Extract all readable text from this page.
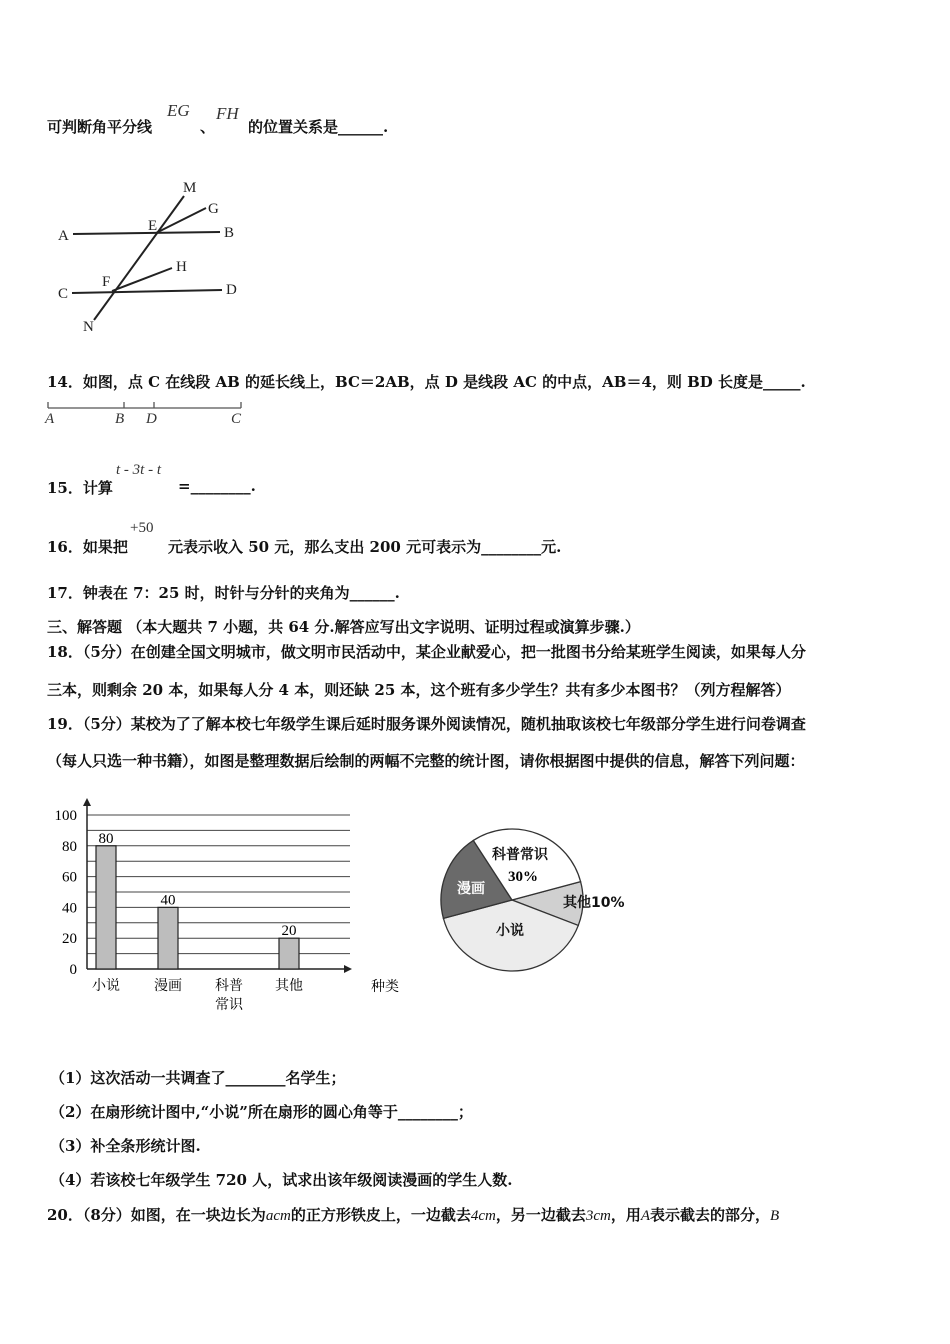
可判断角平分线
EG
、
FH
的位置关系是______.
M
G
E
A	B
H
F
C	D
N
A	B D	C
0
20
40
60
80
100
80
小说
40
漫画 科普
常识
20
其他	种类
其他10%
小说
漫画
科普常识
30%
14．如图，点 C 在线段 AB 的延长线上，BC＝2AB，点 D 是线段 AC 的中点，AB＝4，则 BD 长度是_____.
15．计算
t - 3t - t
=________.
16．如果把
+50
元表示收入 50 元，那么支出 200 元可表示为________元.
17．钟表在 7：25 时，时针与分针的夹角为______.
三、解答题 （本大题共 7 小题，共 64 分.解答应写出文字说明、证明过程或演算步骤.）
18．（5分）在创建全国文明城市，做文明市民活动中，某企业献爱心，把一批图书分给某班学生阅读，如果每人分
三本，则剩余 20 本，如果每人分 4 本，则还缺 25 本，这个班有多少学生？共有多少本图书？（列方程解答）
19．（5分）某校为了了解本校七年级学生课后延时服务课外阅读情况，随机抽取该校七年级部分学生进行问卷调查
（每人只选一种书籍），如图是整理数据后绘制的两幅不完整的统计图，请你根据图中提供的信息，解答下列问题：
（1）这次活动一共调查了________名学生；
（2）在扇形统计图中,“小说”所在扇形的圆心角等于________；
（3）补全条形统计图.
（4）若该校七年级学生 720 人，试求出该年级阅读漫画的学生人数.
20．（8分）如图，在一块边长为acm的正方形铁皮上，一边截去4cm，另一边截去3cm，用A表示截去的部分，B
